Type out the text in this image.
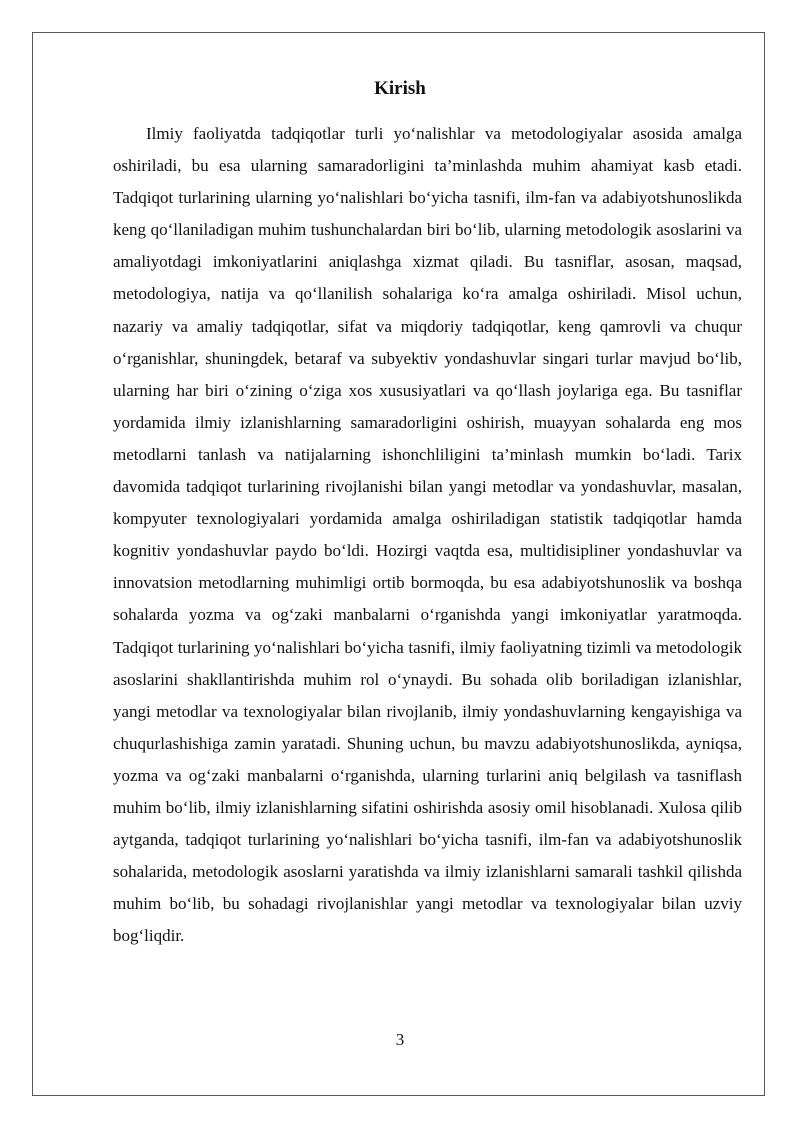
Kirish

Ilmiy faoliyatda tadqiqotlar turli yo‘nalishlar va metodologiyalar asosida amalga oshiriladi, bu esa ularning samaradorligini ta’minlashda muhim ahamiyat kasb etadi. Tadqiqot turlarining ularning yo‘nalishlari bo‘yicha tasnifi, ilm-fan va adabiyotshunoslikda keng qo‘llaniladigan muhim tushunchalardan biri bo‘lib, ularning metodologik asoslarini va amaliyotdagi imkoniyatlarini aniqlashga xizmat qiladi. Bu tasniflar, asosan, maqsad, metodologiya, natija va qo‘llanilish sohalariga ko‘ra amalga oshiriladi. Misol uchun, nazariy va amaliy tadqiqotlar, sifat va miqdoriy tadqiqotlar, keng qamrovli va chuqur o‘rganishlar, shuningdek, betaraf va subyektiv yondashuvlar singari turlar mavjud bo‘lib, ularning har biri o‘zining o‘ziga xos xususiyatlari va qo‘llash joylariga ega. Bu tasniflar yordamida ilmiy izlanishlarning samaradorligini oshirish, muayyan sohalarda eng mos metodlarni tanlash va natijalarning ishonchliligini ta’minlash mumkin bo‘ladi. Tarix davomida tadqiqot turlarining rivojlanishi bilan yangi metodlar va yondashuvlar, masalan, kompyuter texnologiyalari yordamida amalga oshiriladigan statistik tadqiqotlar hamda kognitiv yondashuvlar paydo bo‘ldi. Hozirgi vaqtda esa, multidisipliner yondashuvlar va innovatsion metodlarning muhimligi ortib bormoqda, bu esa adabiyotshunoslik va boshqa sohalarda yozma va og‘zaki manbalarni o‘rganishda yangi imkoniyatlar yaratmoqda. Tadqiqot turlarining yo‘nalishlari bo‘yicha tasnifi, ilmiy faoliyatning tizimli va metodologik asoslarini shakllantirishda muhim rol o‘ynaydi. Bu sohada olib boriladigan izlanishlar, yangi metodlar va texnologiyalar bilan rivojlanib, ilmiy yondashuvlarning kengayishiga va chuqurlashishiga zamin yaratadi. Shuning uchun, bu mavzu adabiyotshunoslikda, ayniqsa, yozma va og‘zaki manbalarni o‘rganishda, ularning turlarini aniq belgilash va tasniflash muhim bo‘lib, ilmiy izlanishlarning sifatini oshirishda asosiy omil hisoblanadi. Xulosa qilib aytganda, tadqiqot turlarining yo‘nalishlari bo‘yicha tasnifi, ilm-fan va adabiyotshunoslik sohalarida, metodologik asoslarni yaratishda va ilmiy izlanishlarni samarali tashkil qilishda muhim bo‘lib, bu sohadagi rivojlanishlar yangi metodlar va texnologiyalar bilan uzviy bog‘liqdir.

3
